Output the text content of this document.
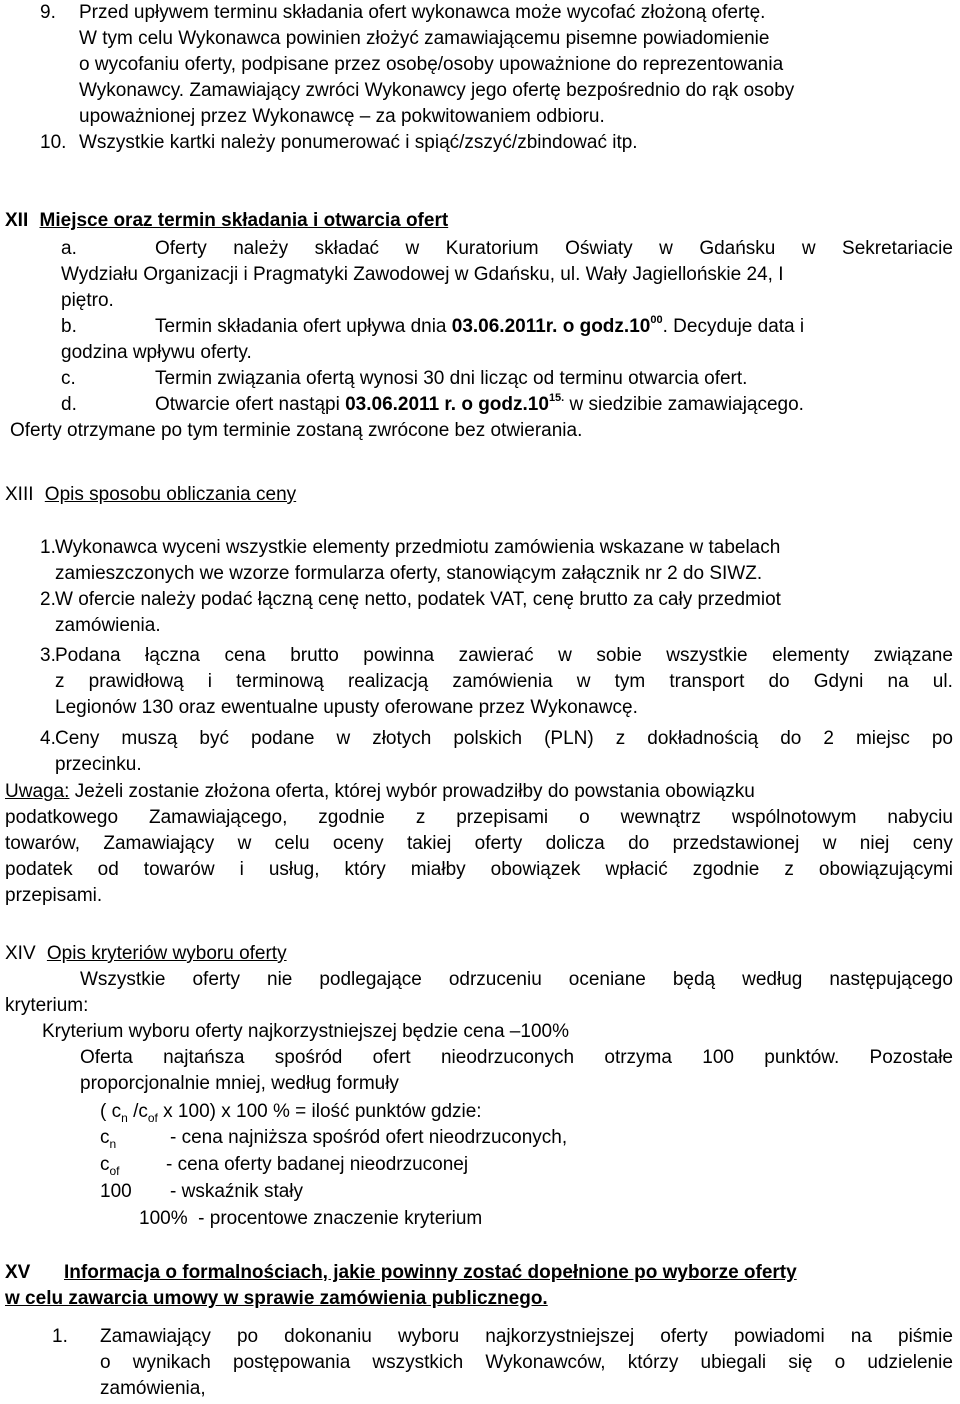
9. Przed upływem terminu składania ofert wykonawca może wycofać złożoną ofertę.
W tym celu Wykonawca powinien złożyć zamawiającemu pisemne powiadomienie
o wycofaniu oferty, podpisane przez osobę/osoby upoważnione do reprezentowania
Wykonawcy. Zamawiający zwróci Wykonawcy jego ofertę bezpośrednio do rąk osoby
upoważnionej przez Wykonawcę – za pokwitowaniem odbioru.
10. Wszystkie kartki należy ponumerować i spiąć/zszyć/zbindować itp.
XII Miejsce oraz termin składania i otwarcia ofert
a.	Oferty należy składać w Kuratorium Oświaty w Gdańsku w Sekretariacie
Wydziału Organizacji i Pragmatyki Zawodowej w Gdańsku, ul. Wały Jagiellońskie 24, I
piętro.
b.	Termin składania ofert upływa dnia 03.06.2011r. o $godz.10^{00}$. Decyduje data i
godzina wpływu oferty.
c.	Termin związania ofertą wynosi 30 dni licząc od terminu otwarcia ofert.
d.	Otwarcie ofert nastąpi 03.06.2011 r. o $godz.10^{15.}$ w siedzibie zamawiającego.
Oferty otrzymane po tym terminie zostaną zwrócone bez otwierania.
XIII Opis sposobu obliczania ceny
1. Wykonawca wyceni wszystkie elementy przedmiotu zamówienia wskazane w tabelach
zamieszczonych we wzorze formularza oferty, stanowiącym załącznik nr 2 do SIWZ.
2. W ofercie należy podać łączną cenę netto, podatek VAT, cenę brutto za cały przedmiot
zamówienia.
3. Podana łączna cena brutto powinna zawierać w sobie wszystkie elementy związane
z prawidłową i terminową realizacją zamówienia w tym transport do Gdyni na ul.
Legionów 130 oraz ewentualne upusty oferowane przez Wykonawcę.
4. Ceny muszą być podane w złotych polskich (PLN) z dokładnością do 2 miejsc po
przecinku.
Uwaga: Jeżeli zostanie złożona oferta, której wybór prowadziłby do powstania obowiązku
podatkowego Zamawiającego, zgodnie z przepisami o wewnątrz wspólnotowym nabyciu
towarów, Zamawiający w celu oceny takiej oferty dolicza do przedstawionej w niej ceny
podatek od towarów i usług, który miałby obowiązek wpłacić zgodnie z obowiązującymi
przepisami.
XIV Opis kryteriów wyboru oferty
Wszystkie oferty nie podlegające odrzuceniu oceniane będą według następującego
kryterium:
Kryterium wyboru oferty najkorzystniejszej będzie cena –100%
Oferta najtańsza spośród ofert nieodrzuconych otrzyma 100 punktów. Pozostałe
proporcjonalnie mniej, według formuły
( $c_n$ $/c_{of}$ x 100) x 100 % = ilość punktów gdzie:
$c_n$	- cena najniższa spośród ofert nieodrzuconych,
$c_{of}$ - cena oferty badanej nieodrzuconej
100 - wskaźnik stały
100%  - procentowe znaczenie kryterium
XV Informacja o formalnościach, jakie powinny zostać dopełnione po wyborze oferty
w celu zawarcia umowy w sprawie zamówienia publicznego.
1. Zamawiający po dokonaniu wyboru najkorzystniejszej oferty powiadomi na piśmie
o wynikach postępowania wszystkich Wykonawców, którzy ubiegali się o udzielenie
zamówienia,
